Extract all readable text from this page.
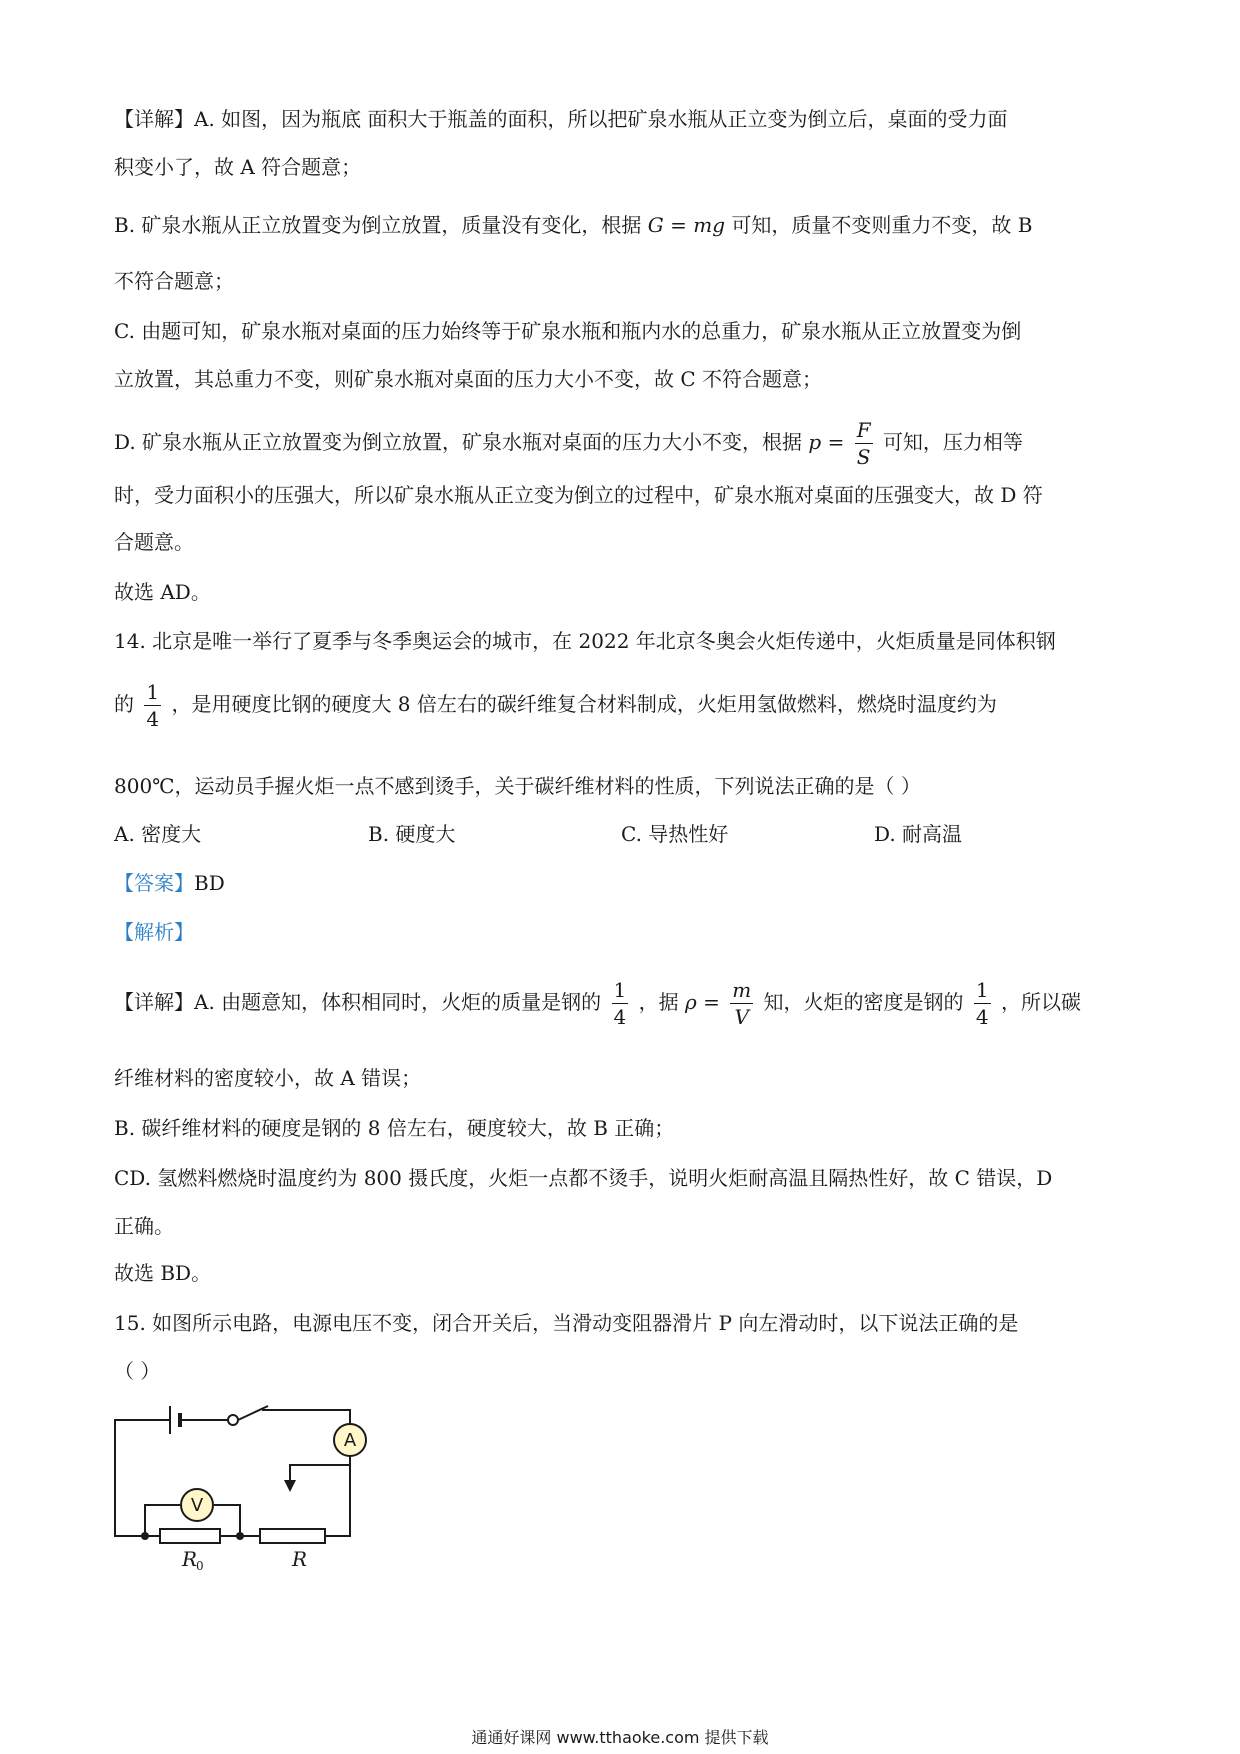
【详解】A. 如图，因为瓶底 面积大于瓶盖的面积，所以把矿泉水瓶从正立变为倒立后，桌面的受力面
积变小了，故 A 符合题意；
B. 矿泉水瓶从正立放置变为倒立放置，质量没有变化，根据 G = mg 可知，质量不变则重力不变，故 B
不符合题意；
C. 由题可知，矿泉水瓶对桌面的压力始终等于矿泉水瓶和瓶内水的总重力，矿泉水瓶从正立放置变为倒
立放置，其总重力不变，则矿泉水瓶对桌面的压力大小不变，故 C 不符合题意；
D. 矿泉水瓶从正立放置变为倒立放置，矿泉水瓶对桌面的压力大小不变，根据 $p = \frac{F}{S}$ 可知，压力相等
时，受力面积小的压强大，所以矿泉水瓶从正立变为倒立的过程中，矿泉水瓶对桌面的压强变大，故 D 符
合题意。
故选 AD。
14. 北京是唯一举行了夏季与冬季奥运会的城市，在 2022 年北京冬奥会火炬传递中，火炬质量是同体积钢
的 $\frac{1}{4}$ ，是用硬度比钢的硬度大 8 倍左右的碳纤维复合材料制成，火炬用氢做燃料，燃烧时温度约为
800℃，运动员手握火炬一点不感到烫手，关于碳纤维材料的性质，下列说法正确的是（ ）
A. 密度大	B. 硬度大	C. 导热性好	D. 耐高温
【答案】BD
【解析】
【详解】A. 由题意知，体积相同时，火炬的质量是钢的 $\frac{1}{4}$ ，据 $\rho = \frac{m}{V}$ 知，火炬的密度是钢的 $\frac{1}{4}$ ，所以碳
纤维材料的密度较小，故 A 错误；
B. 碳纤维材料的硬度是钢的 8 倍左右，硬度较大，故 B 正确；
CD. 氢燃料燃烧时温度约为 800 摄氏度，火炬一点都不烫手，说明火炬耐高温且隔热性好，故 C 错误，D
正确。
故选 BD。
15. 如图所示电路，电源电压不变，闭合开关后，当滑动变阻器滑片 P 向左滑动时，以下说法正确的是
（ ）
V
A
R
0	R
通通好课网 www.tthaoke.com 提供下载
